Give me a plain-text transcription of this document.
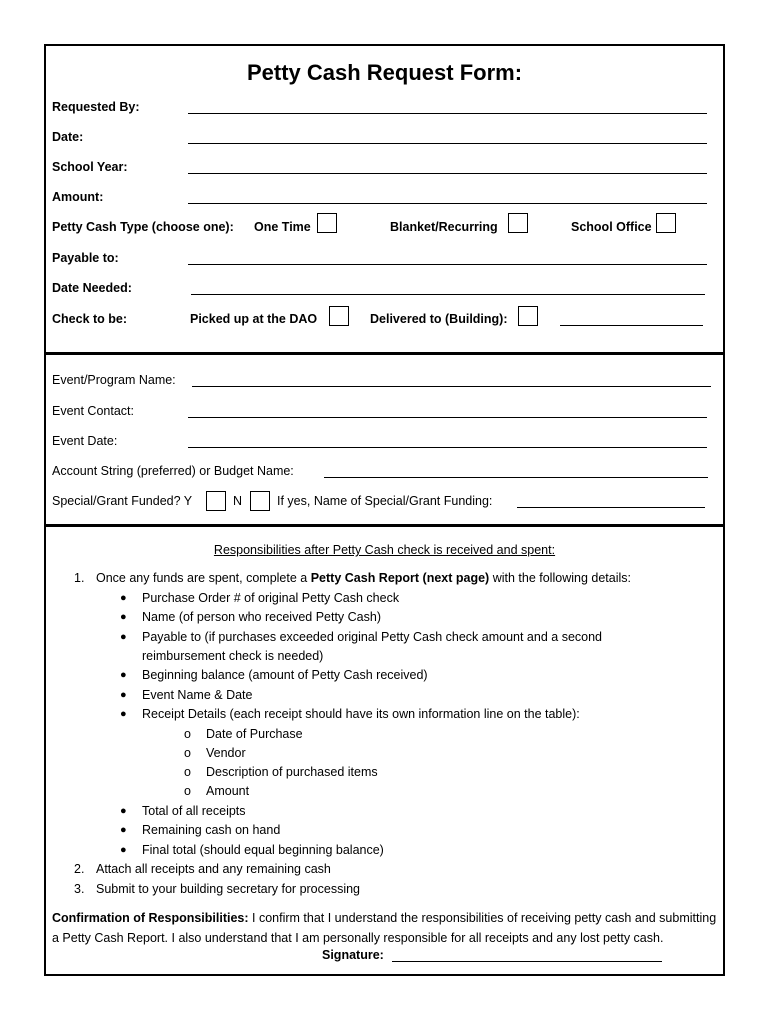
Petty Cash Request Form:
Requested By:
Date:
School Year:
Amount:
Petty Cash Type (choose one): One Time	Blanket/Recurring	School Office
Payable to:
Date Needed:
Check to be:	Picked up at the DAO	Delivered to (Building):
Event/Program Name:
Event Contact:
Event Date:
Account String (preferred) or Budget Name:
Special/Grant Funded? Y	N	If yes, Name of Special/Grant Funding:
Responsibilities after Petty Cash check is received and spent:
1. Once any funds are spent, complete a Petty Cash Report (next page) with the following details:
● Purchase Order # of original Petty Cash check
● Name (of person who received Petty Cash)
● Payable to (if purchases exceeded original Petty Cash check amount and a second
reimbursement check is needed)
● Beginning balance (amount of Petty Cash received)
● Event Name & Date
● Receipt Details (each receipt should have its own information line on the table):
o Date of Purchase
o Vendor
o Description of purchased items
o Amount
● Total of all receipts
● Remaining cash on hand
● Final total (should equal beginning balance)
2. Attach all receipts and any remaining cash
3. Submit to your building secretary for processing
Confirmation of Responsibilities: I confirm that I understand the responsibilities of receiving petty cash and submitting a Petty Cash Report. I also understand that I am personally responsible for all receipts and any lost petty cash.
Signature:
